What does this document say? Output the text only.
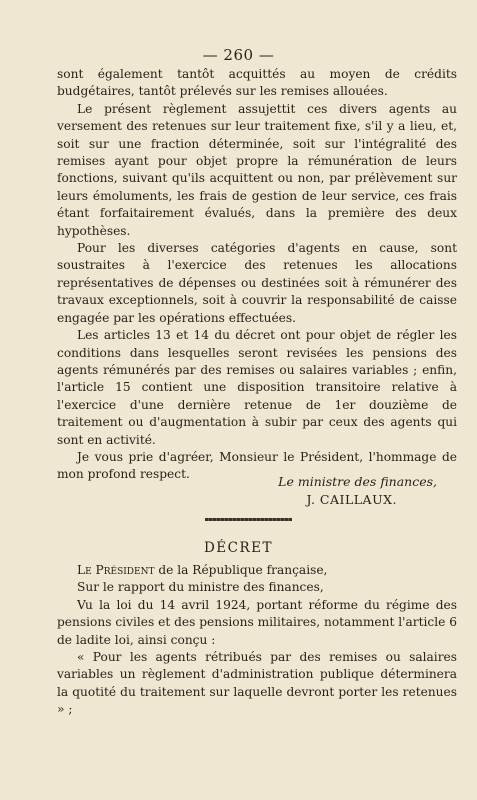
— 260 —

sont également tantôt acquittés au moyen de crédits budgétaires, tantôt prélevés sur les remises allouées.

Le présent règlement assujettit ces divers agents au versement des retenues sur leur traitement fixe, s'il y a lieu, et, soit sur une fraction déterminée, soit sur l'intégralité des remises ayant pour objet propre la rémunération de leurs fonctions, suivant qu'ils acquittent ou non, par prélèvement sur leurs émoluments, les frais de gestion de leur service, ces frais étant forfaitairement évalués, dans la première des deux hypothèses.

Pour les diverses catégories d'agents en cause, sont soustraites à l'exercice des retenues les allocations représentatives de dépenses ou destinées soit à rémunérer des travaux exceptionnels, soit à couvrir la responsabilité de caisse engagée par les opérations effectuées.

Les articles 13 et 14 du décret ont pour objet de régler les conditions dans lesquelles seront revisées les pensions des agents rémunérés par des remises ou salaires variables ; enfin, l'article 15 contient une disposition transitoire relative à l'exercice d'une dernière retenue de 1er douzième de traitement ou d'augmentation à subir par ceux des agents qui sont en activité.

Je vous prie d'agréer, Monsieur le Président, l'hommage de mon profond respect.	Le ministre des finances,
J. CAILLAUX.
DÉCRET

Le Président de la République française,

Sur le rapport du ministre des finances,

Vu la loi du 14 avril 1924, portant réforme du régime des pensions civiles et des pensions militaires, notamment l'article 6 de ladite loi, ainsi conçu :

« Pour les agents rétribués par des remises ou salaires variables un règlement d'administration publique déterminera la quotité du traitement sur laquelle devront porter les retenues » ;
